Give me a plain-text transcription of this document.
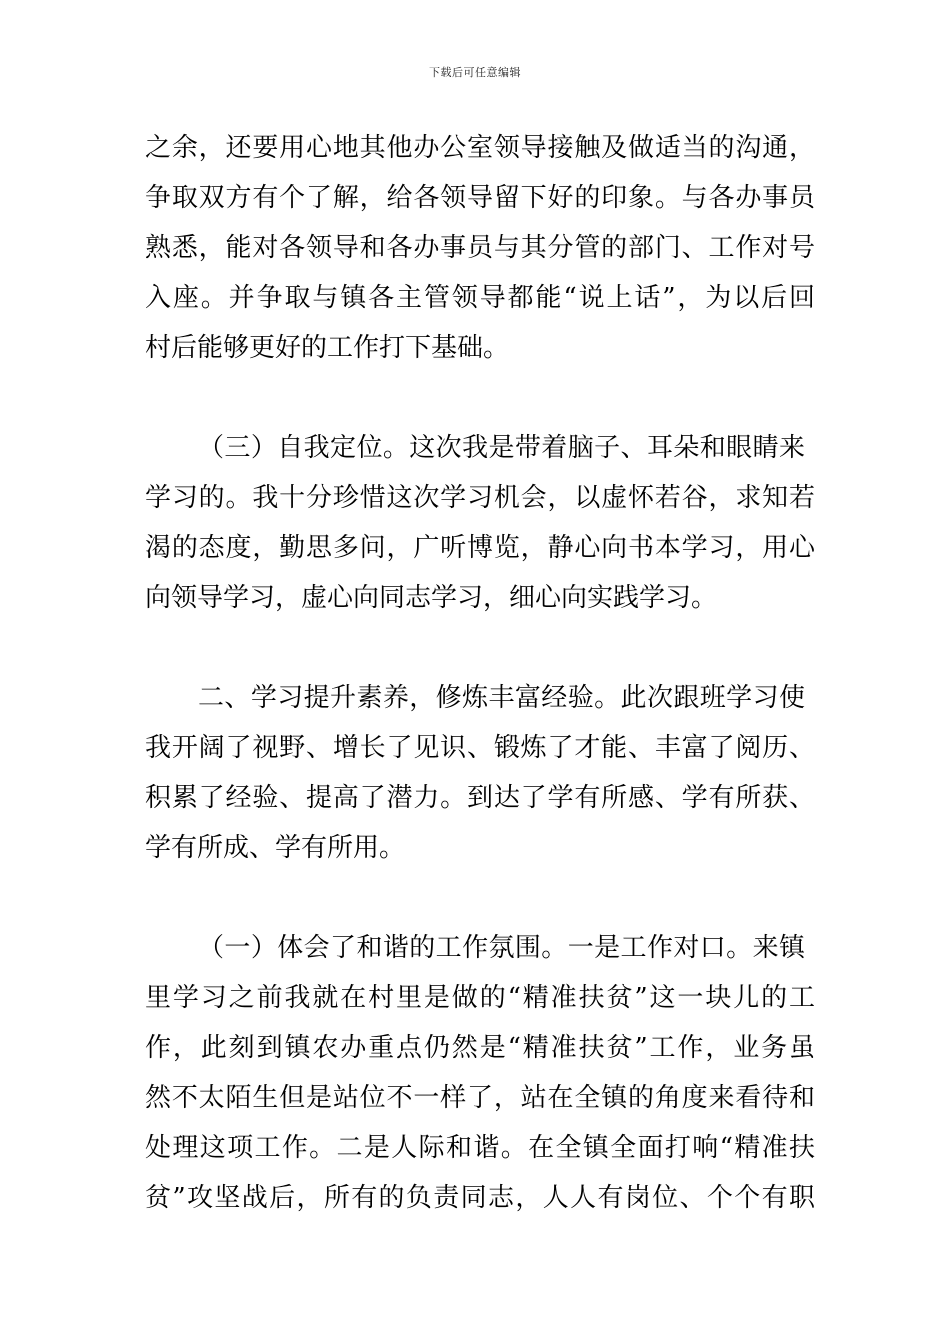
下载后可任意编辑
之余，还要用心地其他办公室领导接触及做适当的沟通，
争取双方有个了解，给各领导留下好的印象。与各办事员
熟悉，能对各领导和各办事员与其分管的部门、工作对号
入座。并争取与镇各主管领导都能“说上话”，为以后回
村后能够更好的工作打下基础。
（三）自我定位。这次我是带着脑子、耳朵和眼睛来
学习的。我十分珍惜这次学习机会，以虚怀若谷，求知若
渴的态度，勤思多问，广听博览，静心向书本学习，用心
向领导学习，虚心向同志学习，细心向实践学习。
二、学习提升素养，修炼丰富经验。此次跟班学习使
我开阔了视野、增长了见识、锻炼了才能、丰富了阅历、
积累了经验、提高了潜力。到达了学有所感、学有所获、
学有所成、学有所用。
（一）体会了和谐的工作氛围。一是工作对口。来镇
里学习之前我就在村里是做的“精准扶贫”这一块儿的工
作，此刻到镇农办重点仍然是“精准扶贫”工作，业务虽
然不太陌生但是站位不一样了，站在全镇的角度来看待和
处理这项工作。二是人际和谐。在全镇全面打响“精准扶
贫”攻坚战后，所有的负责同志，人人有岗位、个个有职
